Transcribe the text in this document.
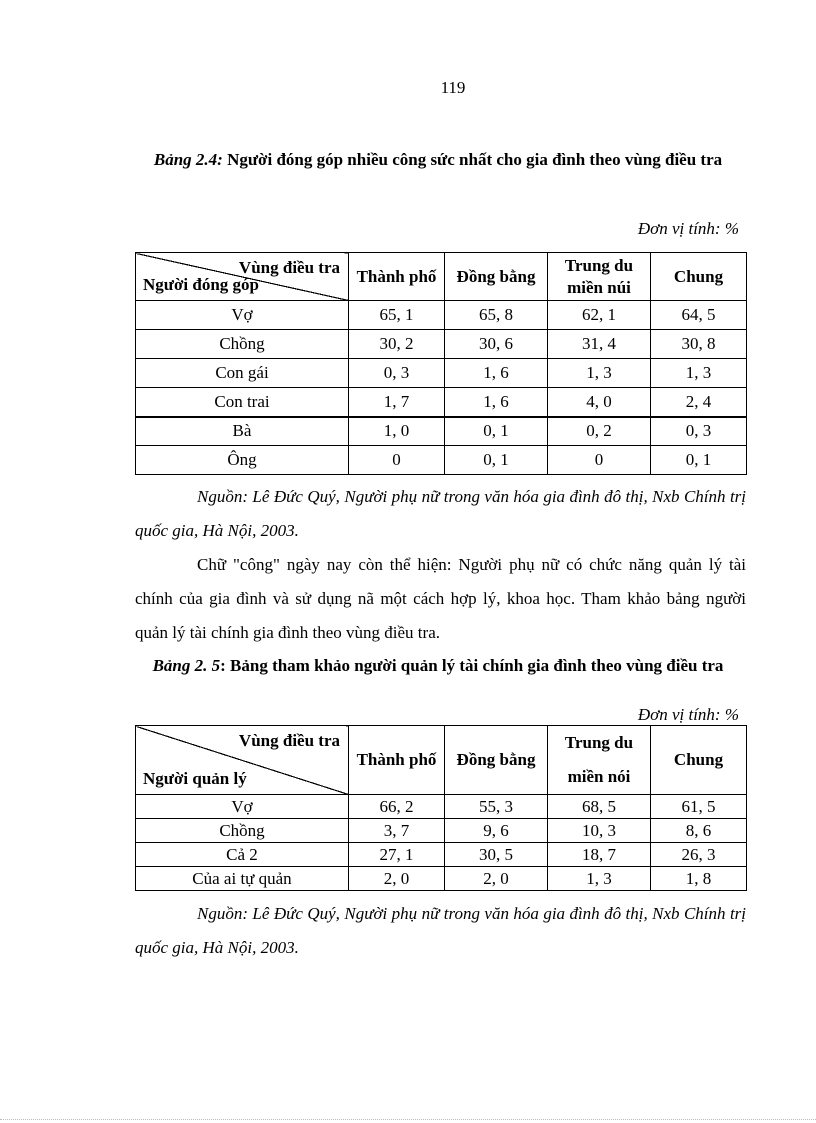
119
Bảng 2.4: Người đóng góp nhiều công sức nhất cho gia đình theo vùng điều tra
Đơn vị tính: %
Vùng điều tra
Người đóng góp	Thành phố	Đồng bằng	Trung du miền núi	Chung
Vợ	65, 1	65, 8	62, 1	64, 5
Chồng	30, 2	30, 6	31, 4	30, 8
Con gái	0, 3	1, 6	1, 3	1, 3
Con trai	1, 7	1, 6	4, 0	2, 4
Bà	1, 0	0, 1	0, 2	0, 3
Ông	0	0, 1	0	0, 1
Nguồn: Lê Đức Quý, Người phụ nữ trong văn hóa gia đình đô thị, Nxb Chính trị quốc gia, Hà Nội, 2003.
Chữ "công" ngày nay còn thể hiện: Người phụ nữ có chức năng quản lý tài chính của gia đình và sử dụng nã một cách hợp lý, khoa học. Tham khảo bảng người quản lý tài chính gia đình theo vùng điều tra.
Bảng 2. 5: Bảng tham khảo người quản lý tài chính gia đình theo vùng điều tra
Đơn vị tính: %
Vùng điều tra
Người quản lý	Thành phố	Đồng bằng	Trung du miền nói	Chung
Vợ	66, 2	55, 3	68, 5	61, 5
Chồng	3, 7	9, 6	10, 3	8, 6
Cả 2	27, 1	30, 5	18, 7	26, 3
Của ai tự quản	2, 0	2, 0	1, 3	1, 8
Nguồn: Lê Đức Quý, Người phụ nữ trong văn hóa gia đình đô thị, Nxb Chính trị quốc gia, Hà Nội, 2003.
